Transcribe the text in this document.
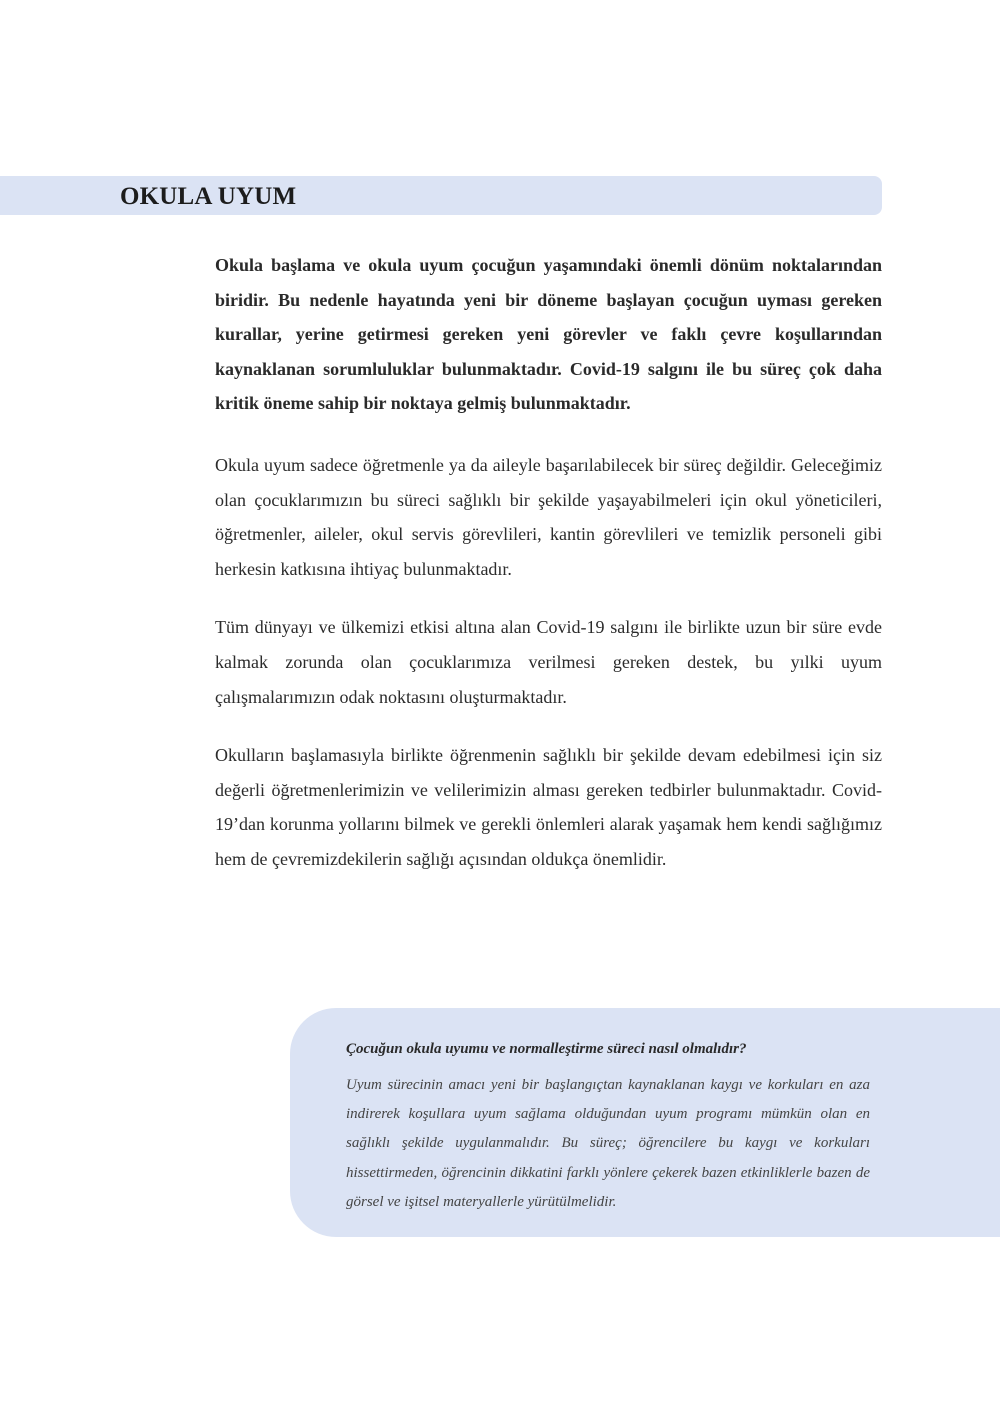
OKULA UYUM

Okula başlama ve okula uyum çocuğun yaşamındaki önemli dönüm noktalarından biridir. Bu nedenle hayatında yeni bir döneme başlayan çocuğun uyması gereken kurallar, yerine getirmesi gereken yeni görevler ve faklı çevre koşullarından kaynaklanan sorumluluklar bulunmaktadır. Covid-19 salgını ile bu süreç çok daha kritik öneme sahip bir noktaya gelmiş bulunmaktadır.

Okula uyum sadece öğretmenle ya da aileyle başarılabilecek bir süreç değildir. Geleceğimiz olan çocuklarımızın bu süreci sağlıklı bir şekilde yaşayabilmeleri için okul yöneticileri, öğretmenler, aileler, okul servis görevlileri, kantin görevlileri ve temizlik personeli gibi herkesin katkısına ihtiyaç bulunmaktadır.

Tüm dünyayı ve ülkemizi etkisi altına alan Covid-19 salgını ile birlikte uzun bir süre evde kalmak zorunda olan çocuklarımıza verilmesi gereken destek, bu yılki uyum çalışmalarımızın odak noktasını oluşturmaktadır.

Okulların başlamasıyla birlikte öğrenmenin sağlıklı bir şekilde devam edebilmesi için siz değerli öğretmenlerimizin ve velilerimizin alması gereken tedbirler bulunmaktadır. Covid-19’dan korunma yollarını bilmek ve gerekli önlemleri alarak yaşamak hem kendi sağlığımız hem de çevremizdekilerin sağlığı açısından oldukça önemlidir.

Çocuğun okula uyumu ve normalleştirme süreci nasıl olmalıdır?

Uyum sürecinin amacı yeni bir başlangıçtan kaynaklanan kaygı ve korkuları en aza indirerek koşullara uyum sağlama olduğundan uyum programı mümkün olan en sağlıklı şekilde uygulanmalıdır. Bu süreç; öğrencilere bu kaygı ve korkuları hissettirmeden, öğrencinin dikkatini farklı yönlere çekerek bazen etkinliklerle bazen de görsel ve işitsel materyallerle yürütülmelidir.
